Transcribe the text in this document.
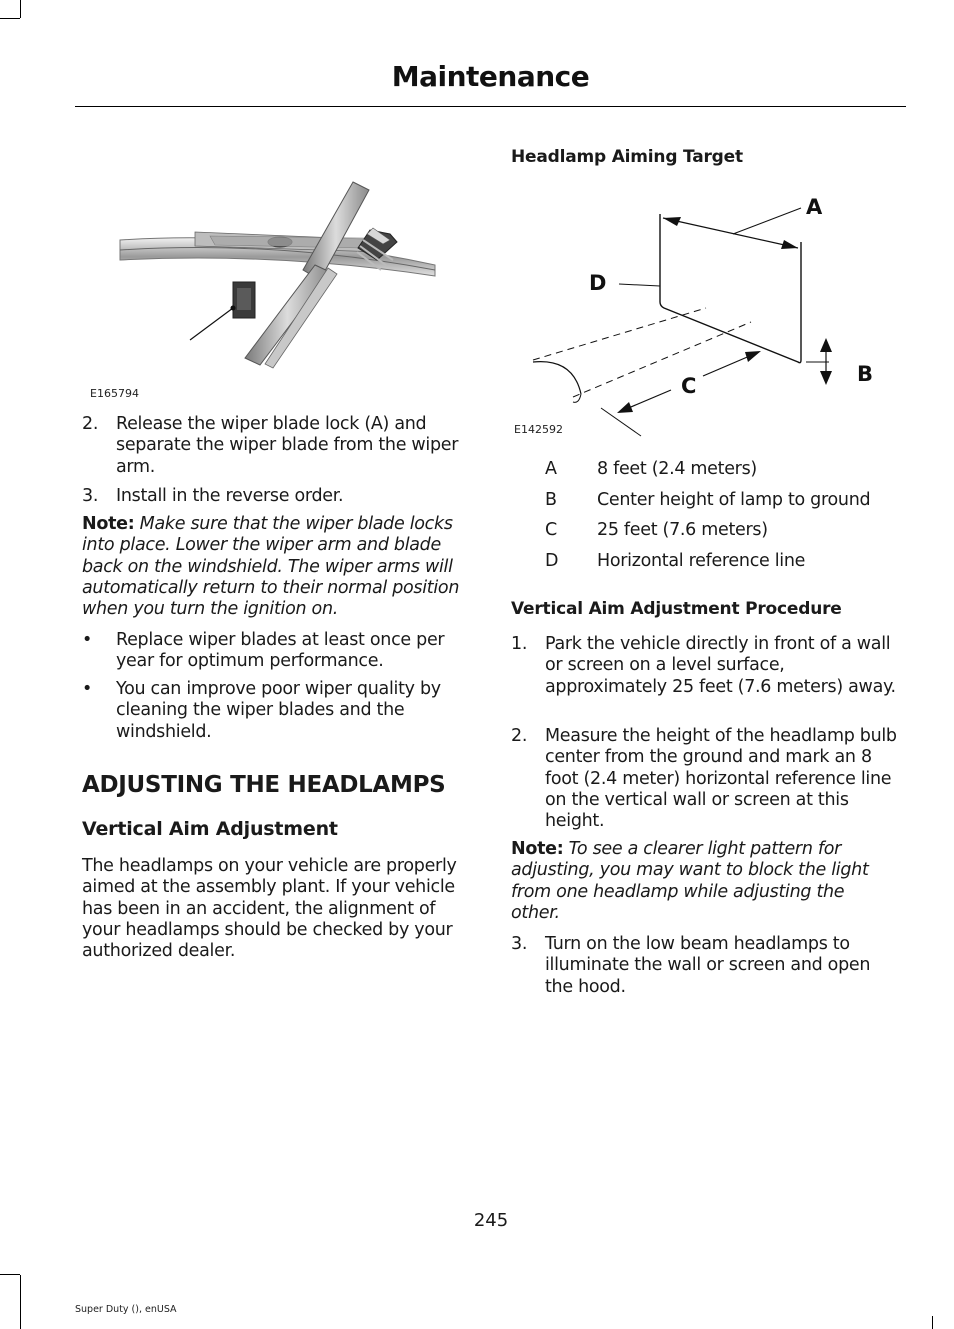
Maintenance
E165794
2.	Release the wiper blade lock (A) and separate the wiper blade from the wiper arm.
3.	Install in the reverse order.
Note: Make sure that the wiper blade locks into place. Lower the wiper arm and blade back on the windshield. The wiper arms will automatically return to their normal position when you turn the ignition on.
•	Replace wiper blades at least once per year for optimum performance.
•	You can improve poor wiper quality by cleaning the wiper blades and the windshield.
ADJUSTING THE HEADLAMPS
Vertical Aim Adjustment
The headlamps on your vehicle are properly aimed at the assembly plant. If your vehicle has been in an accident, the alignment of your headlamps should be checked by your authorized dealer.
Headlamp Aiming Target
A
D
B
C
E142592
A	8 feet (2.4 meters)
B	Center height of lamp to ground
C	25 feet (7.6 meters)
D	Horizontal reference line
Vertical Aim Adjustment Procedure
1.	Park the vehicle directly in front of a wall or screen on a level surface, approximately 25 feet (7.6 meters) away.
2.	Measure the height of the headlamp bulb center from the ground and mark an 8 foot (2.4 meter) horizontal reference line on the vertical wall or screen at this height.
Note: To see a clearer light pattern for adjusting, you may want to block the light from one headlamp while adjusting the other.
3.	Turn on the low beam headlamps to illuminate the wall or screen and open the hood.
245
Super Duty (), enUSA
